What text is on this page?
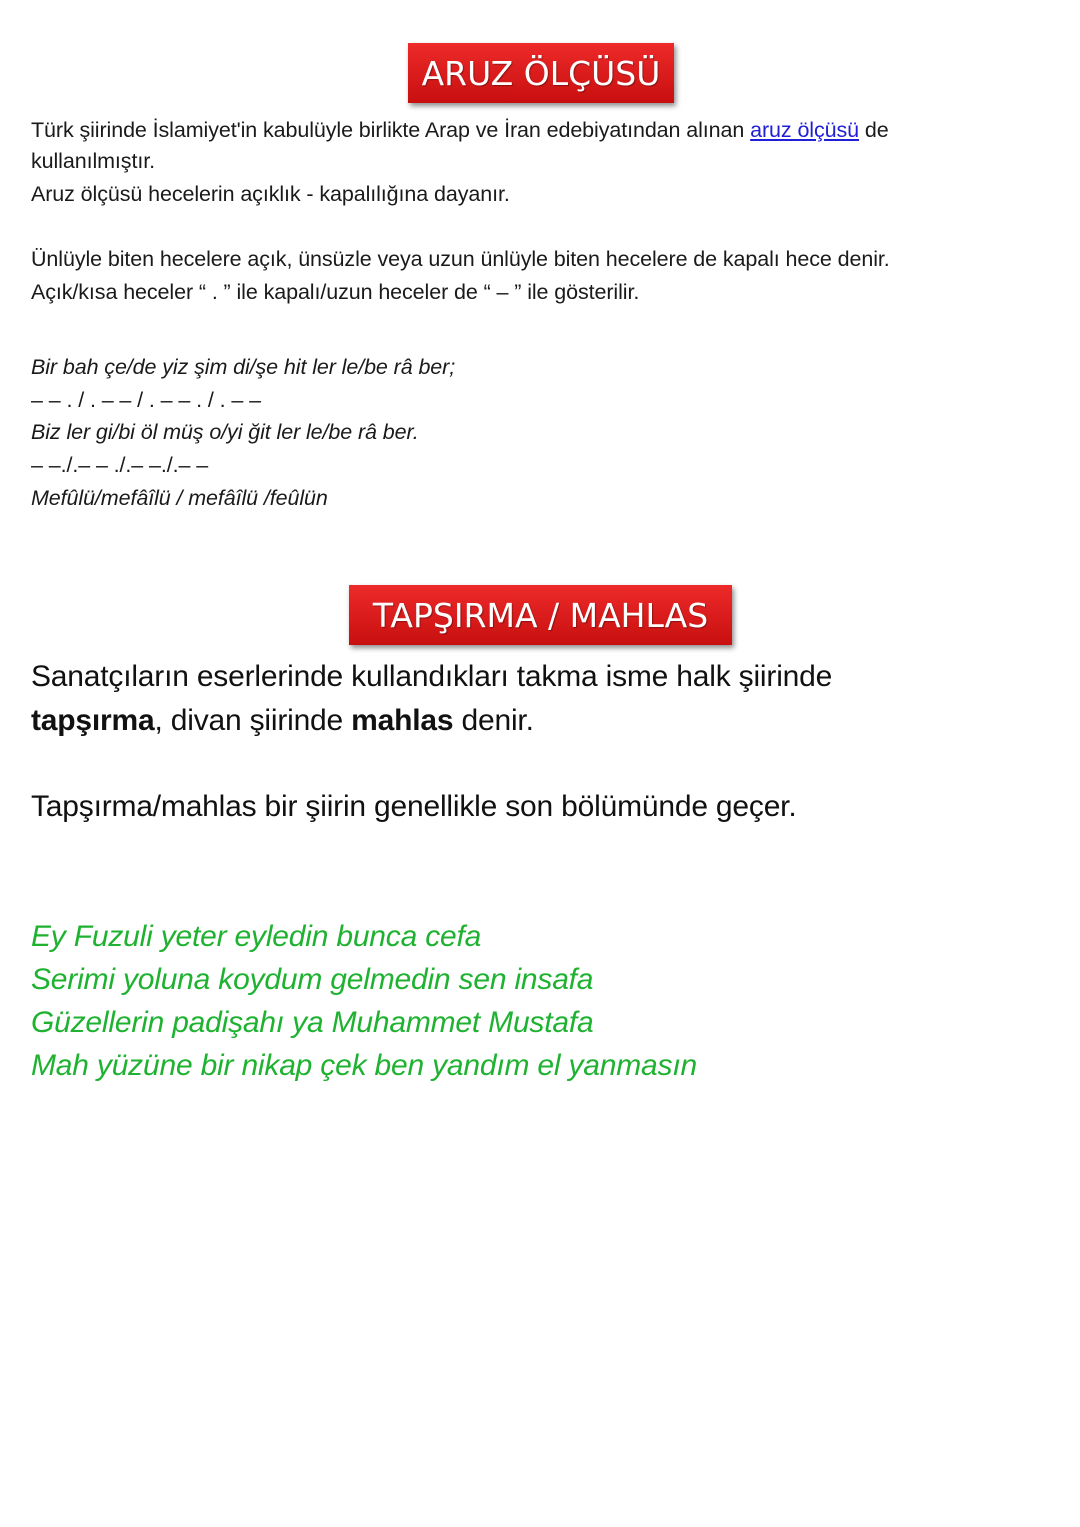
ARUZ ÖLÇÜSÜ
Türk şiirinde İslamiyet'in kabulüyle birlikte Arap ve İran edebiyatından alınan aruz ölçüsü de
kullanılmıştır.
Aruz ölçüsü hecelerin açıklık - kapalılığına dayanır.
Ünlüyle biten hecelere açık, ünsüzle veya uzun ünlüyle biten hecelere de kapalı hece denir.
Açık/kısa heceler “ . ” ile kapalı/uzun heceler de “ – ” ile gösterilir.
Bir bah çe/de yiz şim di/şe hit ler le/be râ ber;
– – . / . – – / . – – . / . – –
Biz ler gi/bi öl müş o/yi ğit ler le/be râ ber.
– –./.– – ./.– –./.– –
Mefûlü/mefâîlü / mefâîlü /feûlün
TAPŞIRMA / MAHLAS
Sanatçıların eserlerinde kullandıkları takma isme halk şiirinde
tapşırma, divan şiirinde mahlas denir.
Tapşırma/mahlas bir şiirin genellikle son bölümünde geçer.
Ey Fuzuli yeter eyledin bunca cefa
Serimi yoluna koydum gelmedin sen insafa
Güzellerin padişahı ya Muhammet Mustafa
Mah yüzüne bir nikap çek ben yandım el yanmasın
